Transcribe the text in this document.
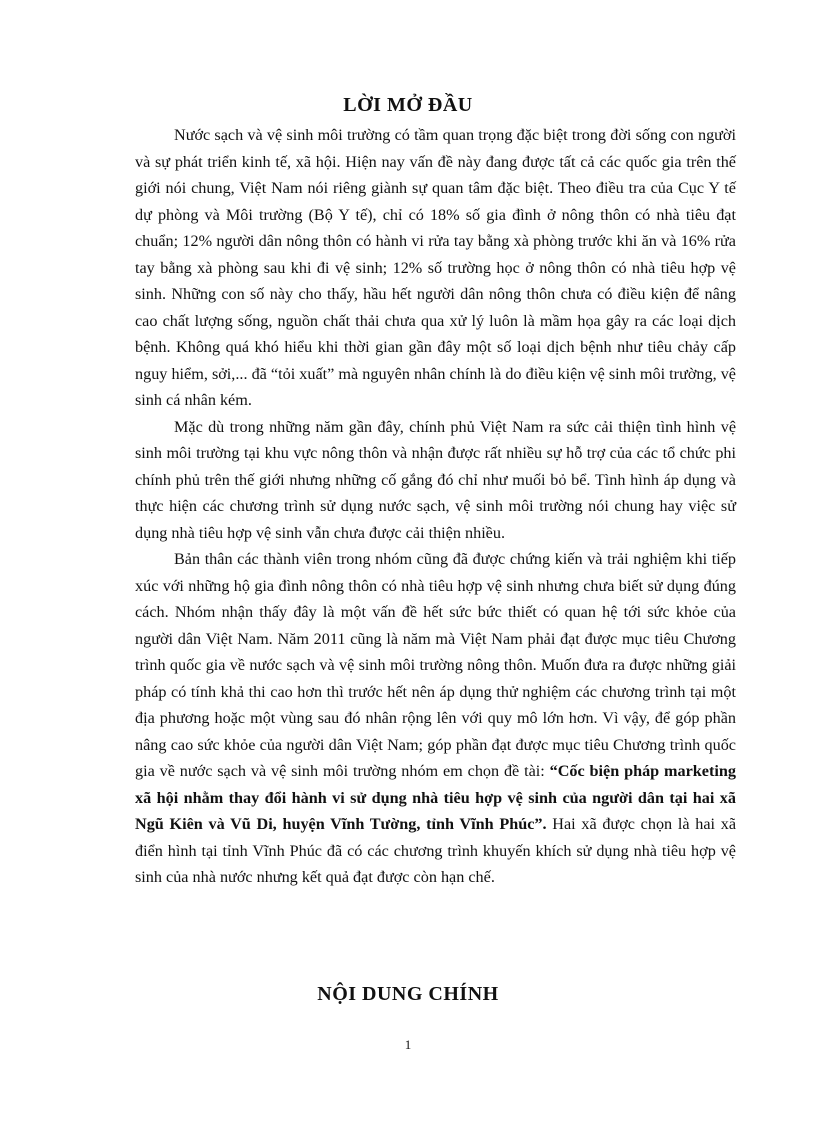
LỜI MỞ ĐẦU

Nước sạch và vệ sinh môi trường có tầm quan trọng đặc biệt trong đời sống con người và sự phát triển kinh tế, xã hội. Hiện nay vấn đề này đang được tất cả các quốc gia trên thế giới nói chung, Việt Nam nói riêng giành sự quan tâm đặc biệt. Theo điều tra của Cục Y tế dự phòng và Môi trường (Bộ Y tế), chỉ có 18% số gia đình ở nông thôn có nhà tiêu đạt chuẩn; 12% người dân nông thôn có hành vi rửa tay bằng xà phòng trước khi ăn và 16% rửa tay bằng xà phòng sau khi đi vệ sinh; 12% số trường học ở nông thôn có nhà tiêu hợp vệ sinh. Những con số này cho thấy, hầu hết người dân nông thôn chưa có điều kiện để nâng cao chất lượng sống, nguồn chất thải chưa qua xử lý luôn là mầm họa gây ra các loại dịch bệnh. Không quá khó hiểu khi thời gian gần đây một số loại dịch bệnh như tiêu chảy cấp nguy hiểm, sởi,... đã “tỏi xuất” mà nguyên nhân chính là do điều kiện vệ sinh môi trường, vệ sinh cá nhân kém.

Mặc dù trong những năm gần đây, chính phủ Việt Nam ra sức cải thiện tình hình vệ sinh môi trường tại khu vực nông thôn và nhận được rất nhiều sự hỗ trợ của các tổ chức phi chính phủ trên thế giới nhưng những cố gắng đó chỉ như muối bỏ bể. Tình hình áp dụng và thực hiện các chương trình sử dụng nước sạch, vệ sinh môi trường nói chung hay việc sử dụng nhà tiêu hợp vệ sinh vẫn chưa được cải thiện nhiều.

Bản thân các thành viên trong nhóm cũng đã được chứng kiến và trải nghiệm khi tiếp xúc với những hộ gia đình nông thôn có nhà tiêu hợp vệ sinh nhưng chưa biết sử dụng đúng cách. Nhóm nhận thấy đây là một vấn đề hết sức bức thiết có quan hệ tới sức khỏe của người dân Việt Nam. Năm 2011 cũng là năm mà Việt Nam phải đạt được mục tiêu Chương trình quốc gia về nước sạch và vệ sinh môi trường nông thôn. Muốn đưa ra được những giải pháp có tính khả thi cao hơn thì trước hết nên áp dụng thử nghiệm các chương trình tại một địa phương hoặc một vùng sau đó nhân rộng lên với quy mô lớn hơn. Vì vậy, để góp phần nâng cao sức khỏe của người dân Việt Nam; góp phần đạt được mục tiêu Chương trình quốc gia về nước sạch và vệ sinh môi trường nhóm em chọn đề tài: “Cốc biện pháp marketing xã hội nhằm thay đổi hành vi sử dụng nhà tiêu hợp vệ sinh của người dân tại hai xã Ngũ Kiên và Vũ Di, huyện Vĩnh Tường, tỉnh Vĩnh Phúc”. Hai xã được chọn là hai xã điển hình tại tỉnh Vĩnh Phúc đã có các chương trình khuyến khích sử dụng nhà tiêu hợp vệ sinh của nhà nước nhưng kết quả đạt được còn hạn chế.

NỘI DUNG CHÍNH

1
